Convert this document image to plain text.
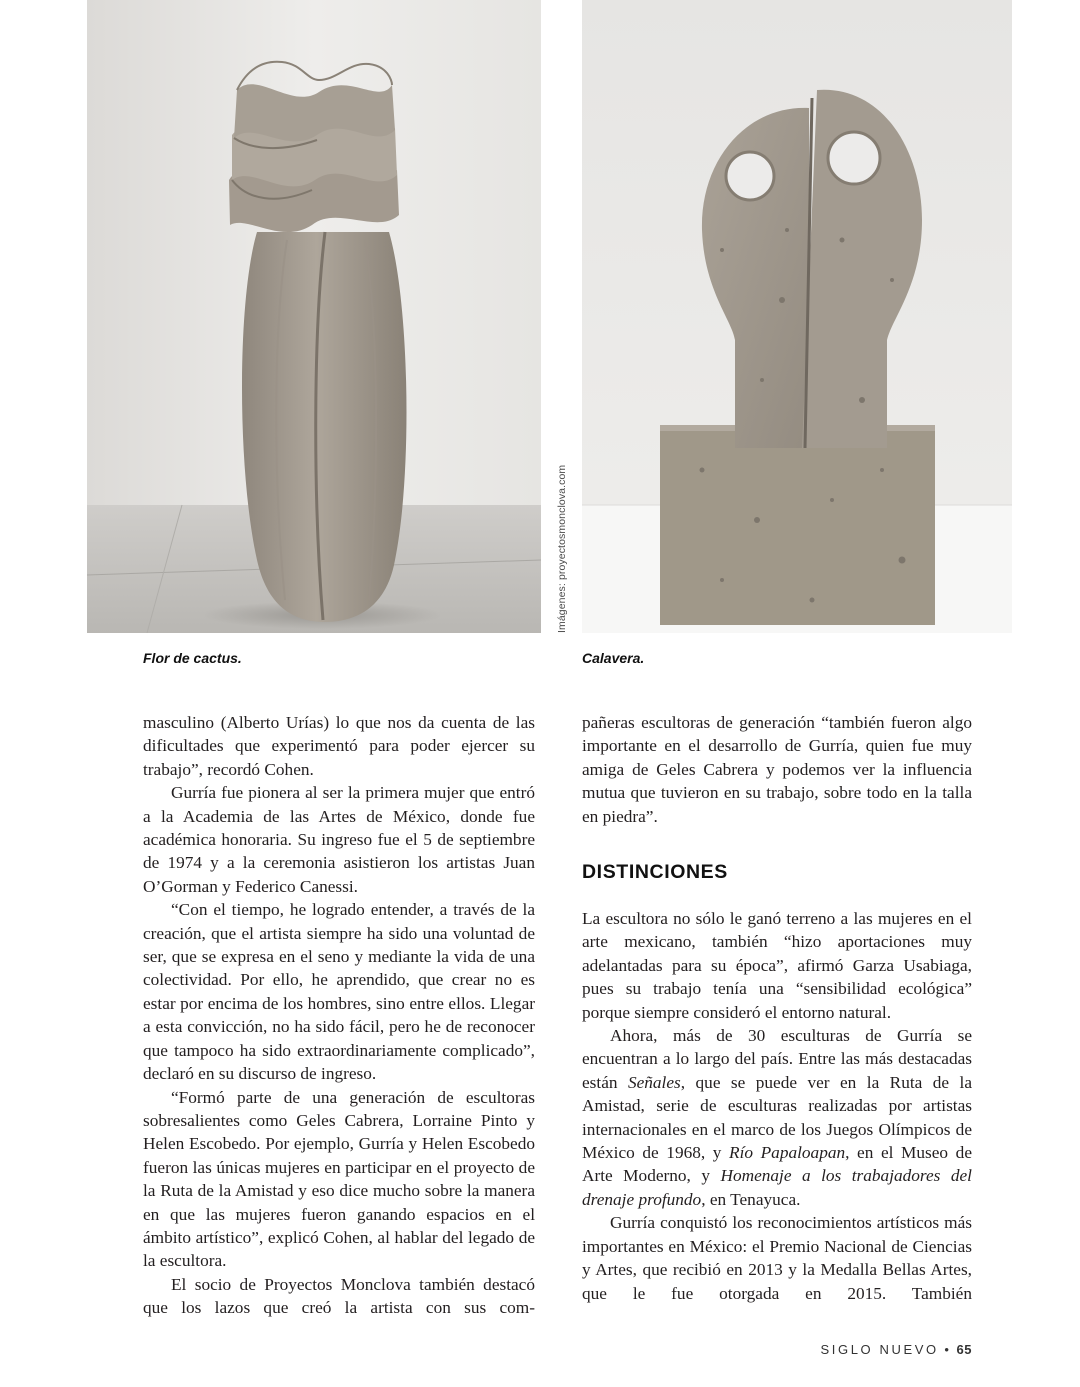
Imágenes: proyectosmonclova.com
Flor de cactus.	Calavera.

masculino (Alberto Urías) lo que nos da cuenta de las dificultades que experimentó para poder ejercer su trabajo”, recordó Cohen.

Gurría fue pionera al ser la primera mujer que entró a la Academia de las Artes de México, donde fue académica honoraria. Su ingreso fue el 5 de septiembre de 1974 y a la ceremonia asistieron los artistas Juan O’Gorman y Federico Canessi.

“Con el tiempo, he logrado entender, a través de la creación, que el artista siempre ha sido una voluntad de ser, que se expresa en el seno y mediante la vida de una colectividad. Por ello, he aprendido, que crear no es estar por encima de los hombres, sino entre ellos. Llegar a esta convicción, no ha sido fácil, pero he de reconocer que tampoco ha sido extraordinariamente complicado”, declaró en su discurso de ingreso.

“Formó parte de una generación de escultoras sobresalientes como Geles Cabrera, Lorraine Pinto y Helen Escobedo. Por ejemplo, Gurría y Helen Escobedo fueron las únicas mujeres en participar en el proyecto de la Ruta de la Amistad y eso dice mucho sobre la manera en que las mujeres fueron ganando espacios en el ámbito artístico”, explicó Cohen, al hablar del legado de la escultora.

El socio de Proyectos Monclova también destacó que los lazos que creó la artista con sus com-

pañeras escultoras de generación “también fueron algo importante en el desarrollo de Gurría, quien fue muy amiga de Geles Cabrera y podemos ver la influencia mutua que tuvieron en su trabajo, sobre todo en la talla en piedra”.

DISTINCIONES

La escultora no sólo le ganó terreno a las mujeres en el arte mexicano, también “hizo aportaciones muy adelantadas para su época”, afirmó Garza Usabiaga, pues su trabajo tenía una “sensibilidad ecológica” porque siempre consideró el entorno natural.

Ahora, más de 30 esculturas de Gurría se encuentran a lo largo del país. Entre las más destacadas están Señales, que se puede ver en la Ruta de la Amistad, serie de esculturas realizadas por artistas internacionales en el marco de los Juegos Olímpicos de México de 1968, y Río Papaloapan, en el Museo de Arte Moderno, y Homenaje a los trabajadores del drenaje profundo, en Tenayuca.

Gurría conquistó los reconocimientos artísticos más importantes en México: el Premio Nacional de Ciencias y Artes, que recibió en 2013 y la Medalla Bellas Artes, que le fue otorgada en 2015. También

SIGLO NUEVO • 65
